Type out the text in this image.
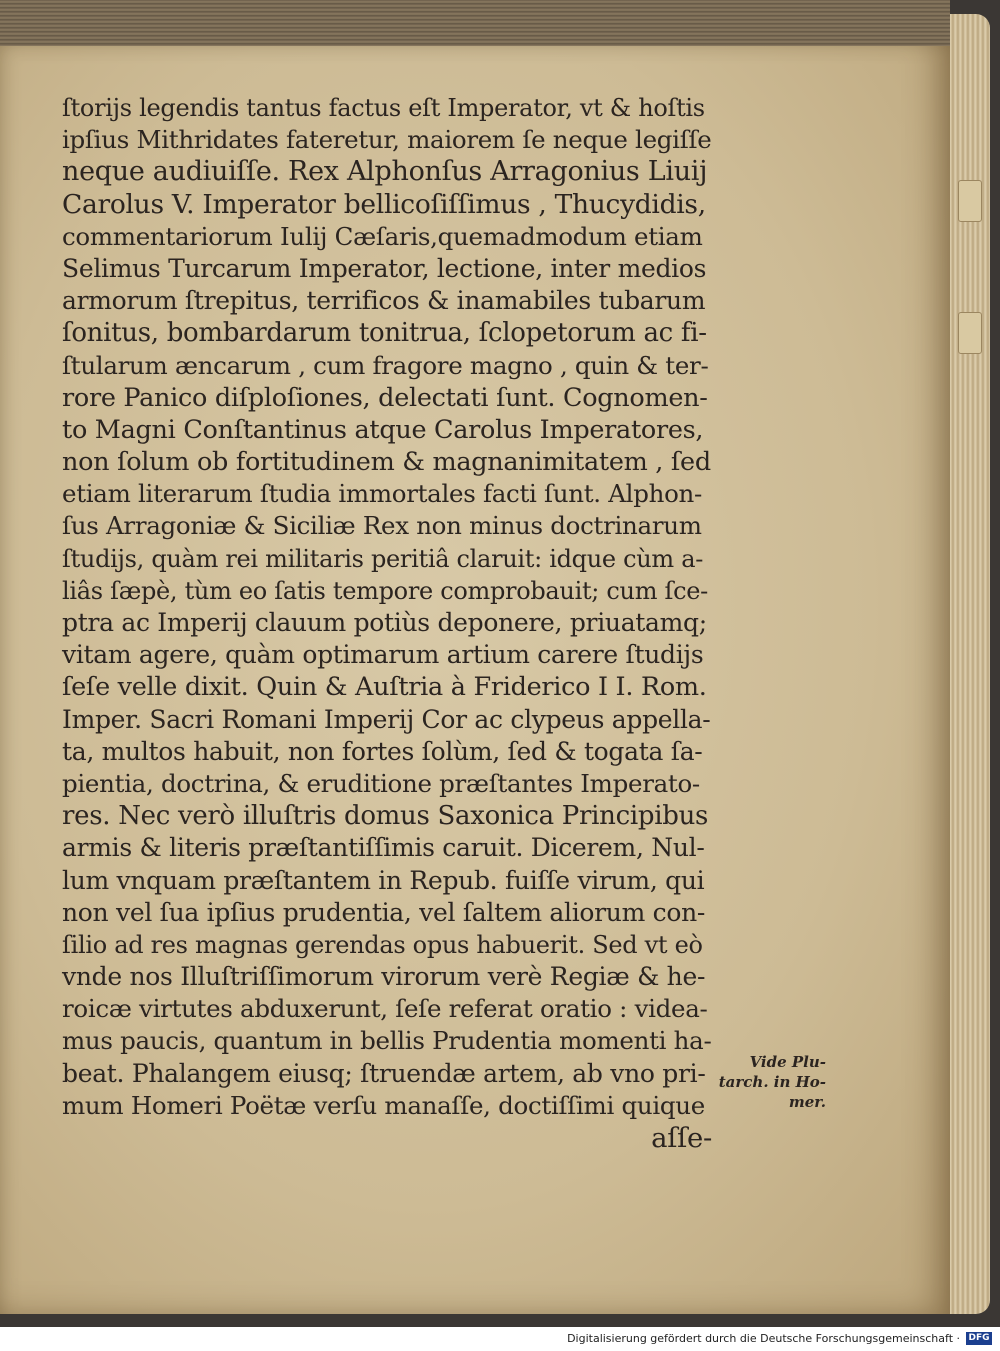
ſtorijs legendis tantus factus eſt Imperator, vt & hoſtis
ipſius Mithridates fateretur, maiorem ſe neque legiſſe
neque audiuiſſe. Rex Alphonſus Arragonius Liuij
Carolus V. Imperator bellicoſiſſimus , Thucydidis,
commentariorum Iulij Cæſaris,quemadmodum etiam
Selimus Turcarum Imperator, lectione, inter medios
armorum ſtrepitus, terrificos & inamabiles tubarum
ſonitus, bombardarum tonitrua, ſclopetorum ac fi-
ſtularum æncarum , cum fragore magno , quin & ter-
rore Panico diſploſiones, delectati ſunt. Cognomen-
to Magni Conſtantinus atque Carolus Imperatores,
non ſolum ob fortitudinem & magnanimitatem , ſed
etiam literarum ſtudia immortales facti ſunt. Alphon-
ſus Arragoniæ & Siciliæ Rex non minus doctrinarum
ſtudijs, quàm rei militaris peritiâ claruit: idque cùm a-
liâs ſæpè, tùm eo ſatis tempore comprobauit; cum ſce-
ptra ac Imperij clauum potiùs deponere, priuatamq;
vitam agere, quàm optimarum artium carere ſtudijs
ſeſe velle dixit. Quin & Auſtria à Friderico I I. Rom.
Imper. Sacri Romani Imperij Cor ac clypeus appella-
ta, multos habuit, non fortes ſolùm, ſed & togata ſa-
pientia, doctrina, & eruditione præſtantes Imperato-
res. Nec verò illuſtris domus Saxonica Principibus
armis & literis præſtantiſſimis caruit. Dicerem, Nul-
lum vnquam præſtantem in Repub. fuiſſe virum, qui
non vel ſua ipſius prudentia, vel ſaltem aliorum con-
ſilio ad res magnas gerendas opus habuerit. Sed vt eò
vnde nos Illuſtriſſimorum virorum verè Regiæ & he-
roicæ virtutes abduxerunt, ſeſe referat oratio : videa-
mus paucis, quantum in bellis Prudentia momenti ha-
beat. Phalangem eiusq; ſtruendæ artem, ab vno pri-
mum Homeri Poëtæ verſu manaſſe, doctiſſimi quique
aſſe-
Vide Plu-
tarch. in Ho-
mer.
Digitalisierung gefördert durch die Deutsche Forschungsgemeinschaft · DFG
